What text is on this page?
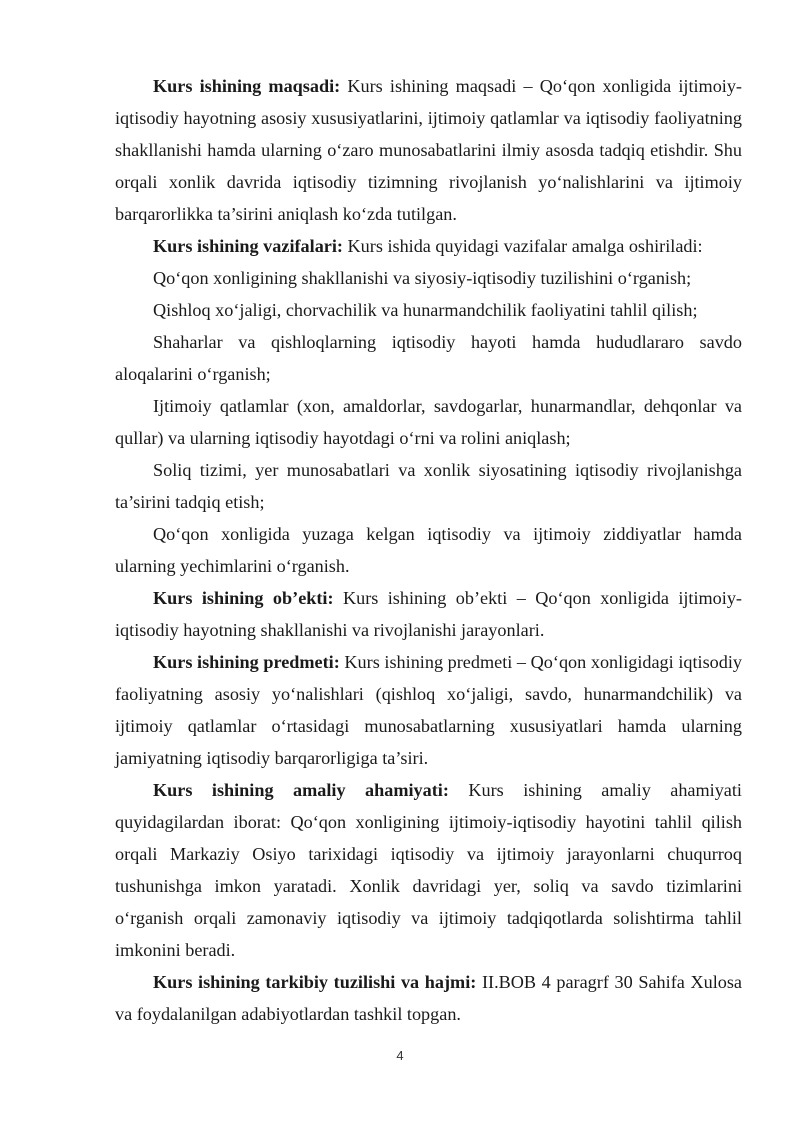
Kurs ishining maqsadi: Kurs ishining maqsadi – Qo‘qon xonligida ijtimoiy-iqtisodiy hayotning asosiy xususiyatlarini, ijtimoiy qatlamlar va iqtisodiy faoliyatning shakllanishi hamda ularning o‘zaro munosabatlarini ilmiy asosda tadqiq etishdir. Shu orqali xonlik davrida iqtisodiy tizimning rivojlanish yo‘nalishlarini va ijtimoiy barqarorlikka ta’sirini aniqlash ko‘zda tutilgan.

Kurs ishining vazifalari: Kurs ishida quyidagi vazifalar amalga oshiriladi:

Qo‘qon xonligining shakllanishi va siyosiy-iqtisodiy tuzilishini o‘rganish;

Qishloq xo‘jaligi, chorvachilik va hunarmandchilik faoliyatini tahlil qilish;

Shaharlar va qishloqlarning iqtisodiy hayoti hamda hududlararo savdo aloqalarini o‘rganish;

Ijtimoiy qatlamlar (xon, amaldorlar, savdogarlar, hunarmandlar, dehqonlar va qullar) va ularning iqtisodiy hayotdagi o‘rni va rolini aniqlash;

Soliq tizimi, yer munosabatlari va xonlik siyosatining iqtisodiy rivojlanishga ta’sirini tadqiq etish;

Qo‘qon xonligida yuzaga kelgan iqtisodiy va ijtimoiy ziddiyatlar hamda ularning yechimlarini o‘rganish.

Kurs ishining ob’ekti: Kurs ishining ob’ekti – Qo‘qon xonligida ijtimoiy-iqtisodiy hayotning shakllanishi va rivojlanishi jarayonlari.

Kurs ishining predmeti: Kurs ishining predmeti – Qo‘qon xonligidagi iqtisodiy faoliyatning asosiy yo‘nalishlari (qishloq xo‘jaligi, savdo, hunarmandchilik) va ijtimoiy qatlamlar o‘rtasidagi munosabatlarning xususiyatlari hamda ularning jamiyatning iqtisodiy barqarorligiga ta’siri.

Kurs ishining amaliy ahamiyati: Kurs ishining amaliy ahamiyati quyidagilardan iborat: Qo‘qon xonligining ijtimoiy-iqtisodiy hayotini tahlil qilish orqali Markaziy Osiyo tarixidagi iqtisodiy va ijtimoiy jarayonlarni chuqurroq tushunishga imkon yaratadi. Xonlik davridagi yer, soliq va savdo tizimlarini o‘rganish orqali zamonaviy iqtisodiy va ijtimoiy tadqiqotlarda solishtirma tahlil imkonini beradi.

Kurs ishining tarkibiy tuzilishi va hajmi: II.BOB 4 paragrf 30 Sahifa Xulosa va foydalanilgan adabiyotlardan tashkil topgan.

4
